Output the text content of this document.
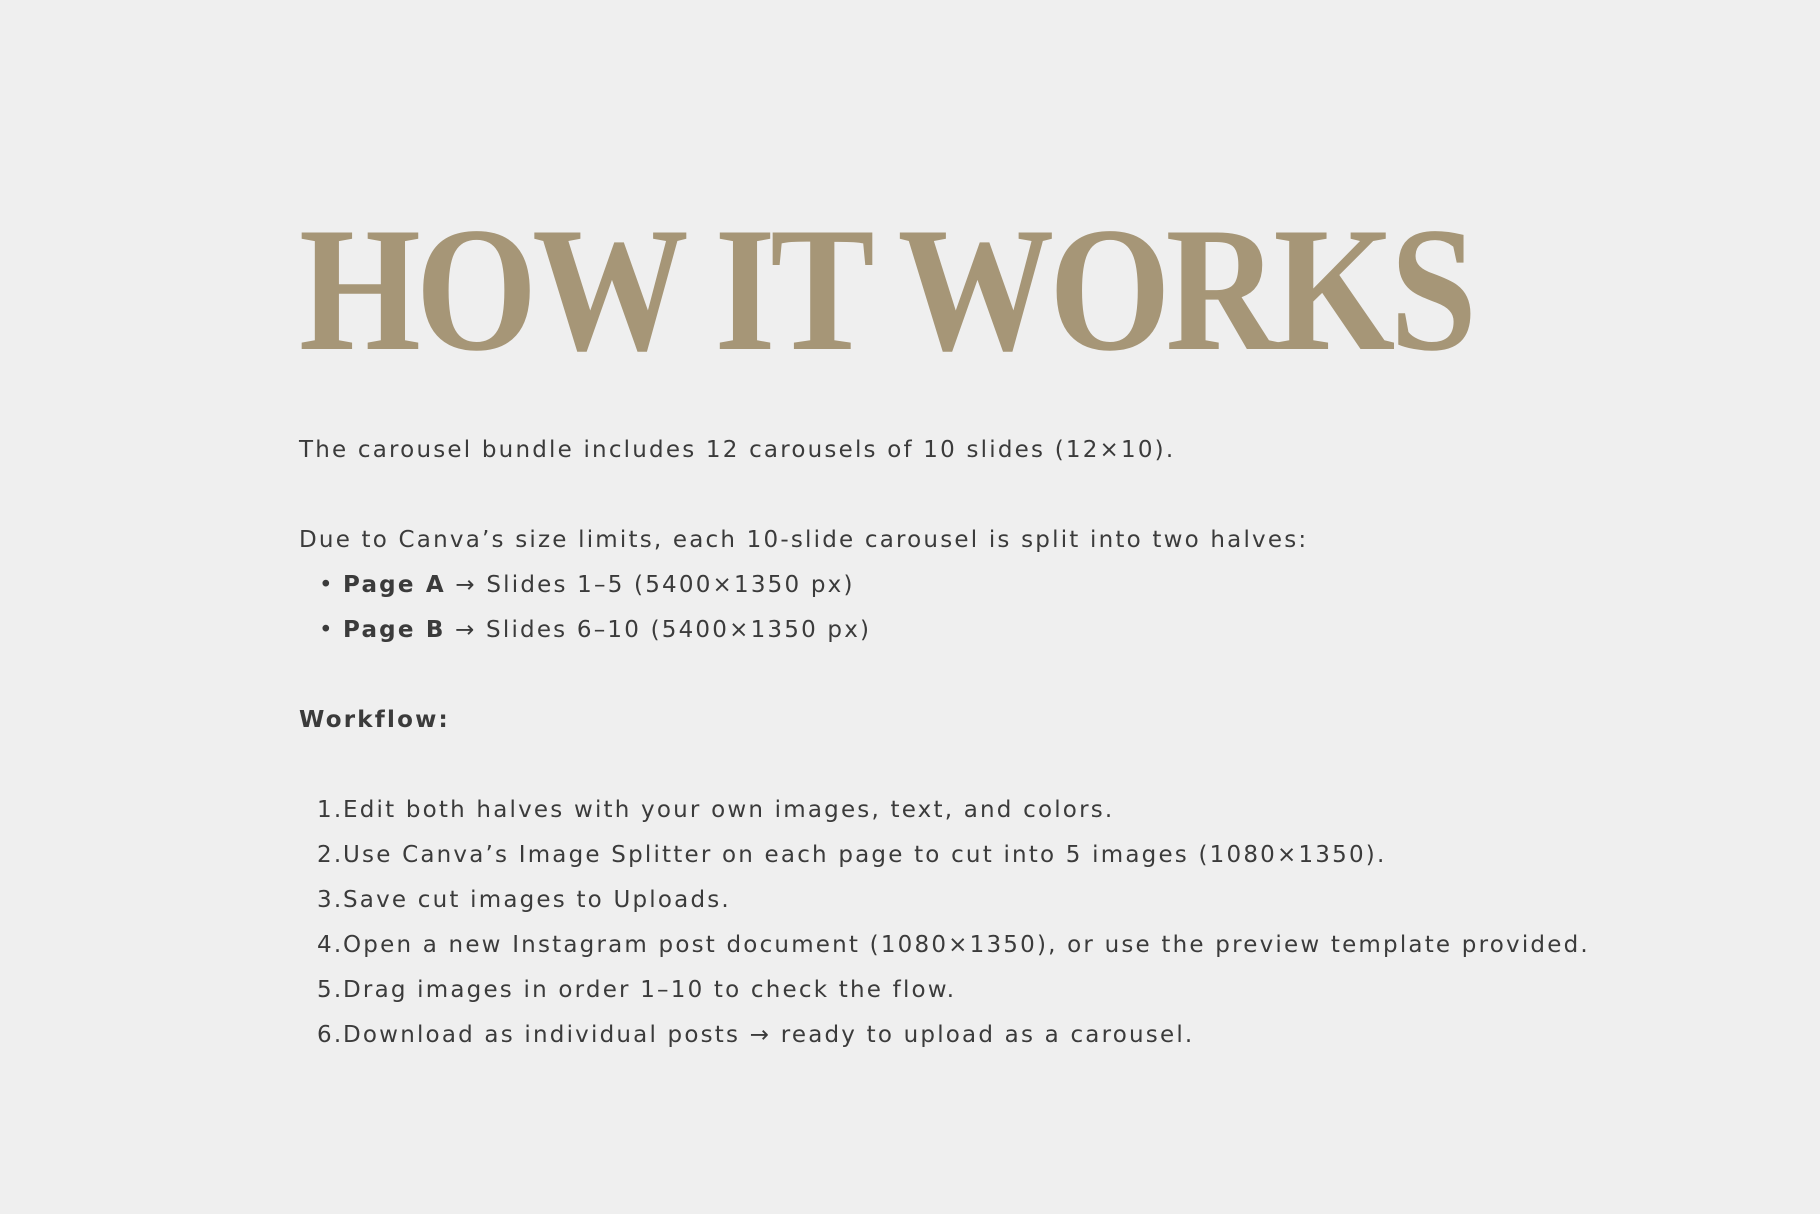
HOW IT WORKS

The carousel bundle includes 12 carousels of 10 slides (12×10).

Due to Canva’s size limits, each 10-slide carousel is split into two halves:

• Page A → Slides 1–5 (5400×1350 px)
• Page B → Slides 6–10 (5400×1350 px)

Workflow:

1. Edit both halves with your own images, text, and colors.
2. Use Canva’s Image Splitter on each page to cut into 5 images (1080×1350).
3. Save cut images to Uploads.
4. Open a new Instagram post document (1080×1350), or use the preview template provided.
5. Drag images in order 1–10 to check the flow.
6. Download as individual posts → ready to upload as a carousel.
